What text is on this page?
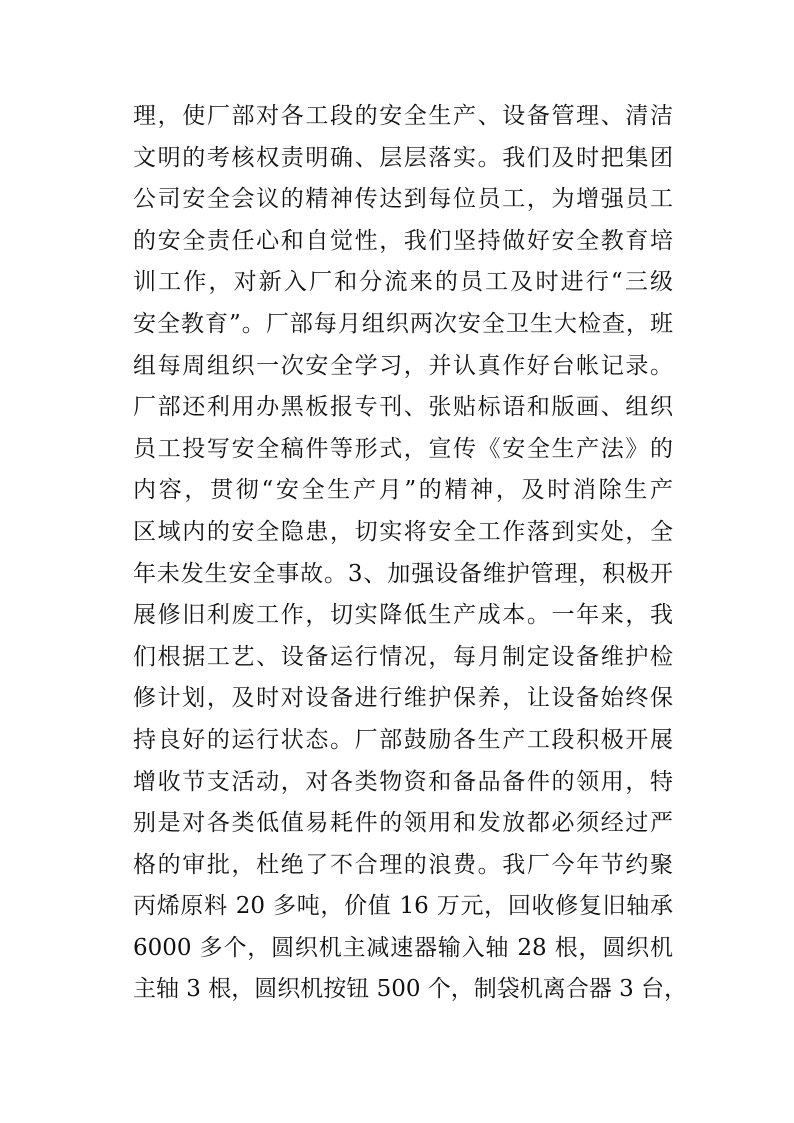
理，使厂部对各工段的安全生产、设备管理、清洁
文明的考核权责明确、层层落实。我们及时把集团
公司安全会议的精神传达到每位员工，为增强员工
的安全责任心和自觉性，我们坚持做好安全教育培
训工作，对新入厂和分流来的员工及时进行“三级
安全教育”。厂部每月组织两次安全卫生大检查，班
组每周组织一次安全学习，并认真作好台帐记录。
厂部还利用办黑板报专刊、张贴标语和版画、组织
员工投写安全稿件等形式，宣传《安全生产法》的
内容，贯彻“安全生产月”的精神，及时消除生产
区域内的安全隐患，切实将安全工作落到实处，全
年未发生安全事故。3、加强设备维护管理，积极开
展修旧利废工作，切实降低生产成本。一年来，我
们根据工艺、设备运行情况，每月制定设备维护检
修计划，及时对设备进行维护保养，让设备始终保
持良好的运行状态。厂部鼓励各生产工段积极开展
增收节支活动，对各类物资和备品备件的领用，特
别是对各类低值易耗件的领用和发放都必须经过严
格的审批，杜绝了不合理的浪费。我厂今年节约聚
丙烯原料 20 多吨，价值 16 万元，回收修复旧轴承
6000 多个，圆织机主减速器输入轴 28 根，圆织机
主轴 3 根，圆织机按钮 500 个，制袋机离合器 3 台，
